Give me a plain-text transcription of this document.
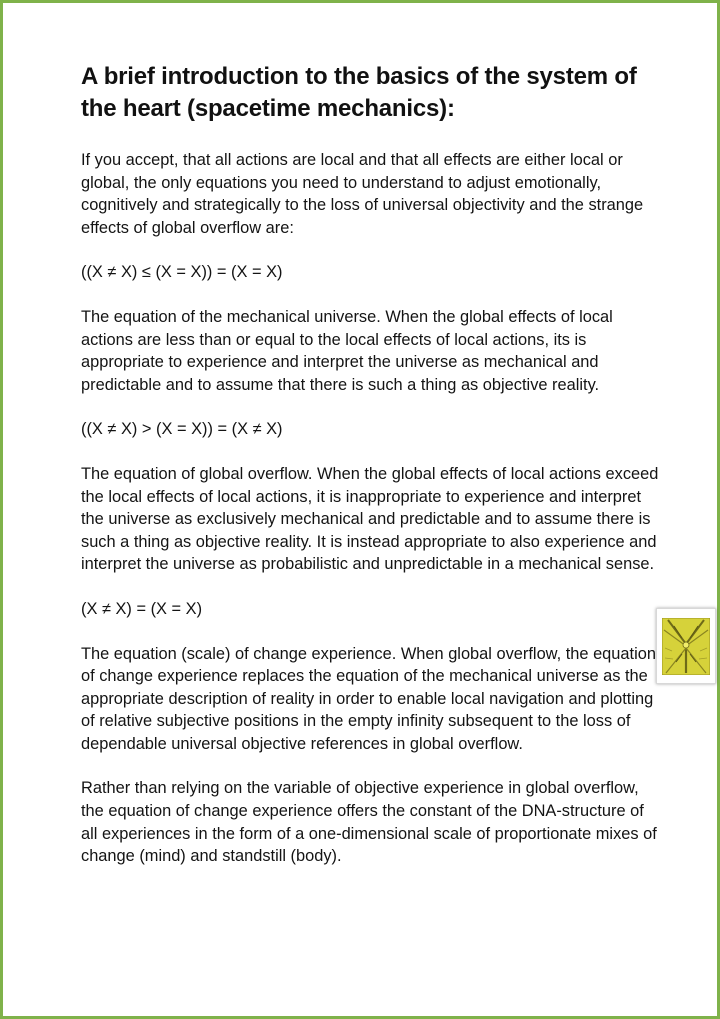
A brief introduction to the basics of the system of the heart (spacetime mechanics):

If you accept, that all actions are local and that all effects are either local or global, the only equations you need to understand to adjust emotionally, cognitively and strategically to the loss of universal objectivity and the strange effects of global overflow are:

((X ≠ X) ≤ (X = X)) = (X = X)

The equation of the mechanical universe. When the global effects of local actions are less than or equal to the local effects of local actions, its is appropriate to experience and interpret the universe as mechanical and predictable and to assume that there is such a thing as objective reality.

((X ≠ X) > (X = X)) = (X ≠ X)

The equation of global overflow. When the global effects of local actions exceed the local effects of local actions, it is inappropriate to experience and interpret the universe as exclusively mechanical and predictable and to assume there is such a thing as objective reality. It is instead appropriate to also experience and interpret the universe as probabilistic and unpredictable in a mechanical sense.

(X ≠ X) = (X = X)

The equation (scale) of change experience. When global overflow, the equation of change experience replaces the equation of the mechanical universe as the appropriate description of reality in order to enable local navigation and plotting of relative subjective positions in the empty infinity subsequent to the loss of dependable universal objective references in global overflow.

Rather than relying on the variable of objective experience in global overflow, the equation of change experience offers the constant of the DNA-structure of all experiences in the form of a one-dimensional scale of proportionate mixes of change (mind) and standstill (body).
